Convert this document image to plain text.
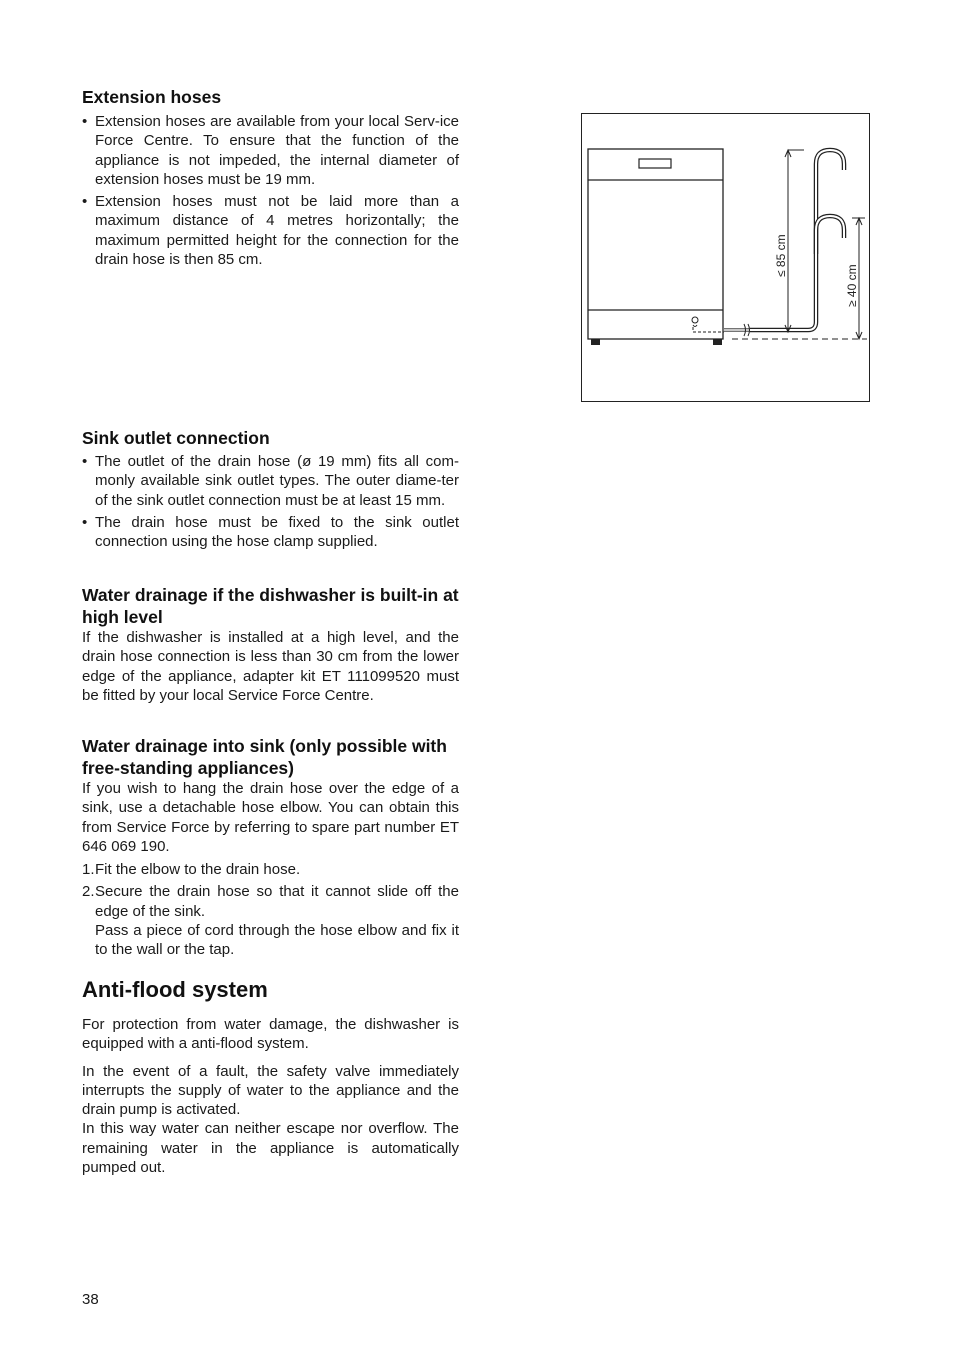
Extension hoses

• Extension hoses are available from your local Serv-ice Force Centre. To ensure that the function of the appliance is not impeded, the internal diameter of extension hoses must be 19 mm.

• Extension hoses must not be laid more than a maximum distance of 4 metres horizontally; the maximum permitted height for the connection for the drain hose is then 85 cm.	≤ 85 cm
≥ 40 cm
Sink outlet connection

• The outlet of the drain hose (ø 19 mm) fits all com-monly available sink outlet types. The outer diame-ter of the sink outlet connection must be at least 15 mm.

• The drain hose must be fixed to the sink outlet connection using the hose clamp supplied.

Water drainage if the dishwasher is built-in at high level

If the dishwasher is installed at a high level, and the drain hose connection is less than 30 cm from the lower edge of the appliance, adapter kit ET 111099520 must be fitted by your local Service Force Centre.

Water drainage into sink (only possible with free-standing appliances)

If you wish to hang the drain hose over the edge of a sink, use a detachable hose elbow. You can obtain this from Service Force by referring to spare part number ET 646 069 190.

1. Fit the elbow to the drain hose.

2. Secure the drain hose so that it cannot slide off the edge of the sink.

Pass a piece of cord through the hose elbow and fix it to the wall or the tap.

Anti-flood system

For protection from water damage, the dishwasher is equipped with a anti-flood system.

In the event of a fault, the safety valve immediately interrupts the supply of water to the appliance and the drain pump is activated.

In this way water can neither escape nor overflow. The remaining water in the appliance is automatically pumped out.

38
